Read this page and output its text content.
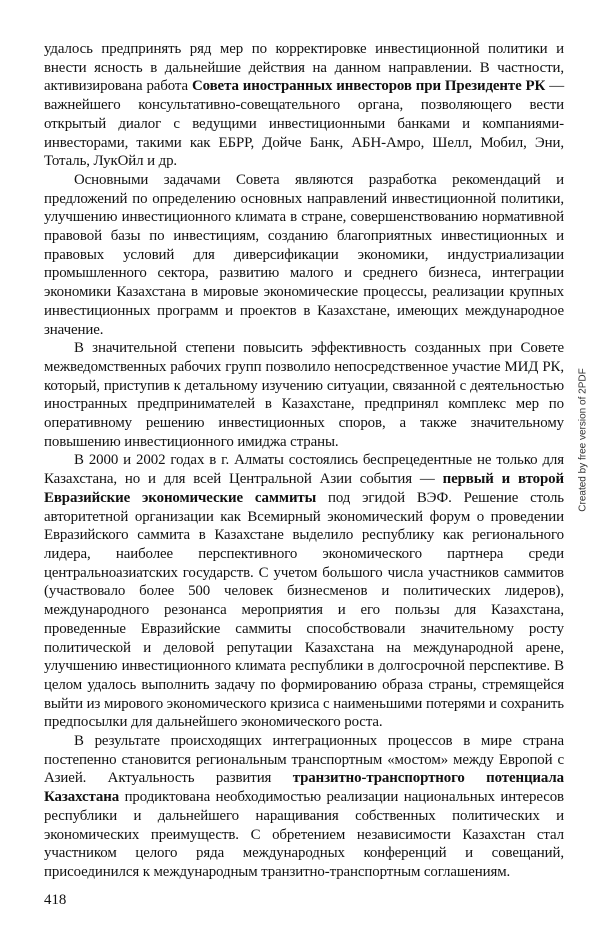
удалось предпринять ряд мер по корректировке инвестиционной политики и внести ясность в дальнейшие действия на данном направлении. В частности, активизирована работа Совета иностранных инвесторов при Президенте РК — важнейшего консультативно-совещательного органа, позволяющего вести открытый диалог с ведущими инвестиционными банками и компаниями-инвесторами, такими как ЕБРР, Дойче Банк, АБН-Амро, Шелл, Мобил, Эни, Тоталь, ЛукОйл и др.

Основными задачами Совета являются разработка рекомендаций и предложений по определению основных направлений инвестиционной политики, улучшению инвестиционного климата в стране, совершенствованию нормативной правовой базы по инвестициям, созданию благоприятных инвестиционных и правовых условий для диверсификации экономики, индустриализации промышленного сектора, развитию малого и среднего бизнеса, интеграции экономики Казахстана в мировые экономические процессы, реализации крупных инвестиционных программ и проектов в Казахстане, имеющих международное значение.

В значительной степени повысить эффективность созданных при Совете межведомственных рабочих групп позволило непосредственное участие МИД РК, который, приступив к детальному изучению ситуации, связанной с деятельностью иностранных предпринимателей в Казахстане, предпринял комплекс мер по оперативному решению инвестиционных споров, а также значительному повышению инвестиционного имиджа страны.

В 2000 и 2002 годах в г. Алматы состоялись беспрецедентные не только для Казахстана, но и для всей Центральной Азии события — первый и второй Евразийские экономические саммиты под эгидой ВЭФ. Решение столь авторитетной организации как Всемирный экономический форум о проведении Евразийского саммита в Казахстане выделило республику как регионального лидера, наиболее перспективного экономического партнера среди центральноазиатских государств. С учетом большого числа участников саммитов (участвовало более 500 человек бизнесменов и политических лидеров), международного резонанса мероприятия и его пользы для Казахстана, проведенные Евразийские саммиты способствовали значительному росту политической и деловой репутации Казахстана на международной арене, улучшению инвестиционного климата республики в долгосрочной перспективе. В целом удалось выполнить задачу по формированию образа страны, стремящейся выйти из мирового экономического кризиса с наименьшими потерями и сохранить предпосылки для дальнейшего экономического роста.

В результате происходящих интеграционных процессов в мире страна постепенно становится региональным транспортным «мостом» между Европой с Азией. Актуальность развития транзитно-транспортного потенциала Казахстана продиктована необходимостью реализации национальных интересов республики и дальнейшего наращивания собственных политических и экономических преимуществ. С обретением независимости Казахстан стал участником целого ряда международных конференций и совещаний, присоединился к международным транзитно-транспортным соглашениям.

418
Created by free version of 2PDF
